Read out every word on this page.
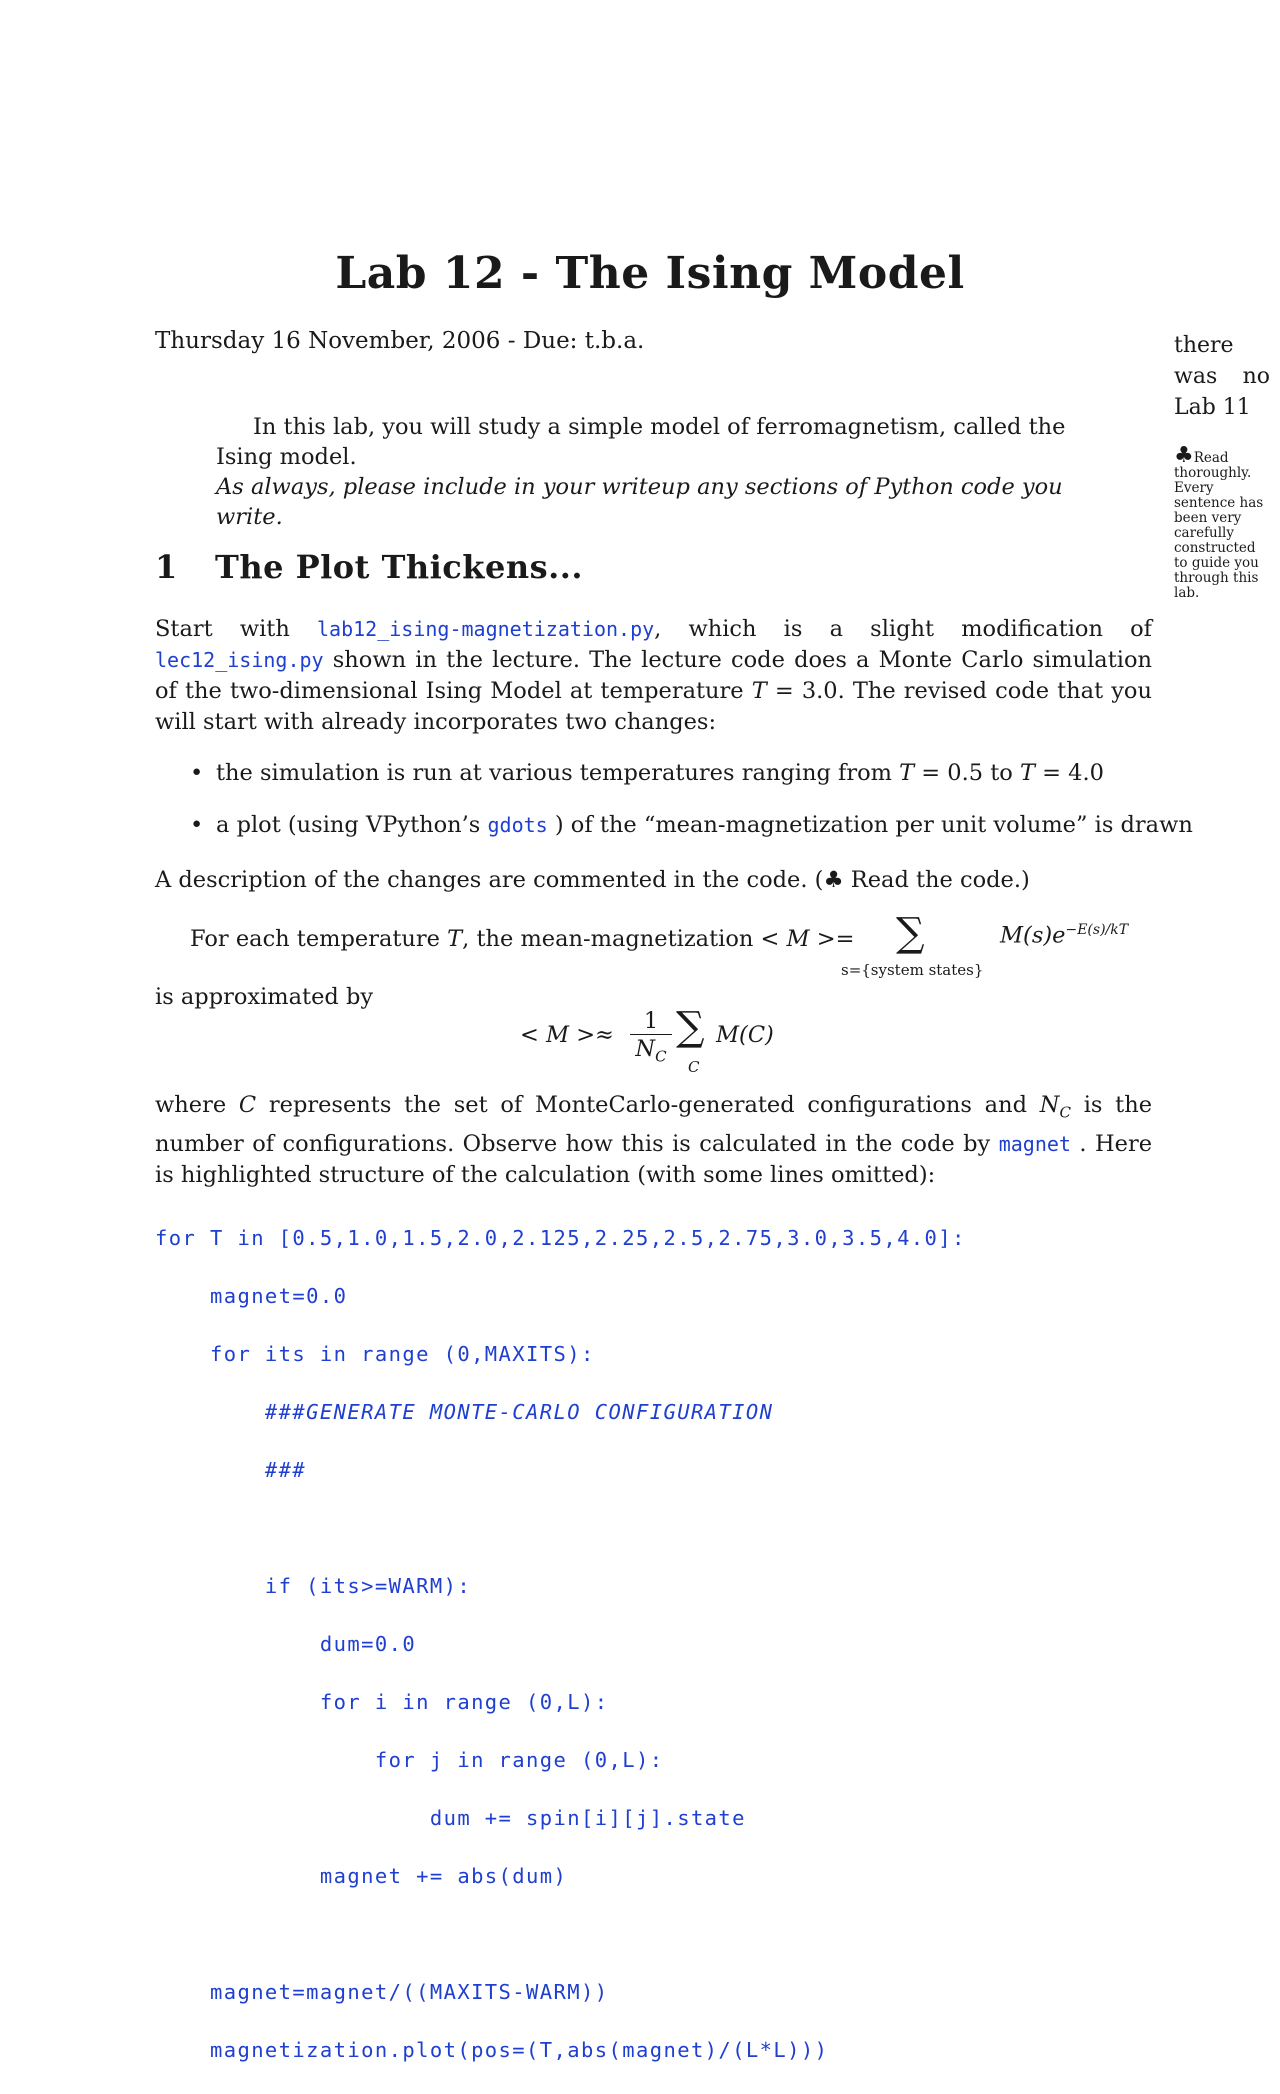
Lab 12 - The Ising Model
Thursday 16 November, 2006 - Due: t.b.a.	there
was no
Lab 11
♣Read thoroughly. Every sentence has been very carefully constructed to guide you through this lab.

In this lab, you will study a simple model of ferromagnetism, called the Ising model.

As always, please include in your writeup any sections of Python code you write.

1 The Plot Thickens...
Start with lab12_ising-magnetization.py, which is a slight modification of lec12_ising.py shown in the lecture. The lecture code does a Monte Carlo simulation of the two-dimensional Ising Model at temperature T = 3.0. The revised code that you will start with already incorporates two changes:
• the simulation is run at various temperatures ranging from T = 0.5 to T = 4.0
• a plot (using VPython’s gdots ) of the “mean-magnetization per unit volume” is drawn
A description of the changes are commented in the code. (♣ Read the code.)
For each temperature T, the mean-magnetization < M >= ∑
s={system states}
$M(s)e^{-E(s)/kT}$
is approximated by
< $M >\approx \frac{1}{N_C}$ ∑
C
M(C)
where C represents the set of MonteCarlo-generated configurations and $N_C$ is the number of configurations. Observe how this is calculated in the code by magnet . Here is highlighted structure of the calculation (with some lines omitted):

for T in [0.5,1.0,1.5,2.0,2.125,2.25,2.5,2.75,3.0,3.5,4.0]:

magnet=0.0

for its in range (0,MAXITS):

###GENERATE MONTE-CARLO CONFIGURATION

###

if (its>=WARM):

dum=0.0

for i in range (0,L):

for j in range (0,L):

dum += spin[i][j].state

magnet += abs(dum)

magnet=magnet/((MAXITS-WARM))

magnetization.plot(pos=(T,abs(magnet)/(L*L)))
